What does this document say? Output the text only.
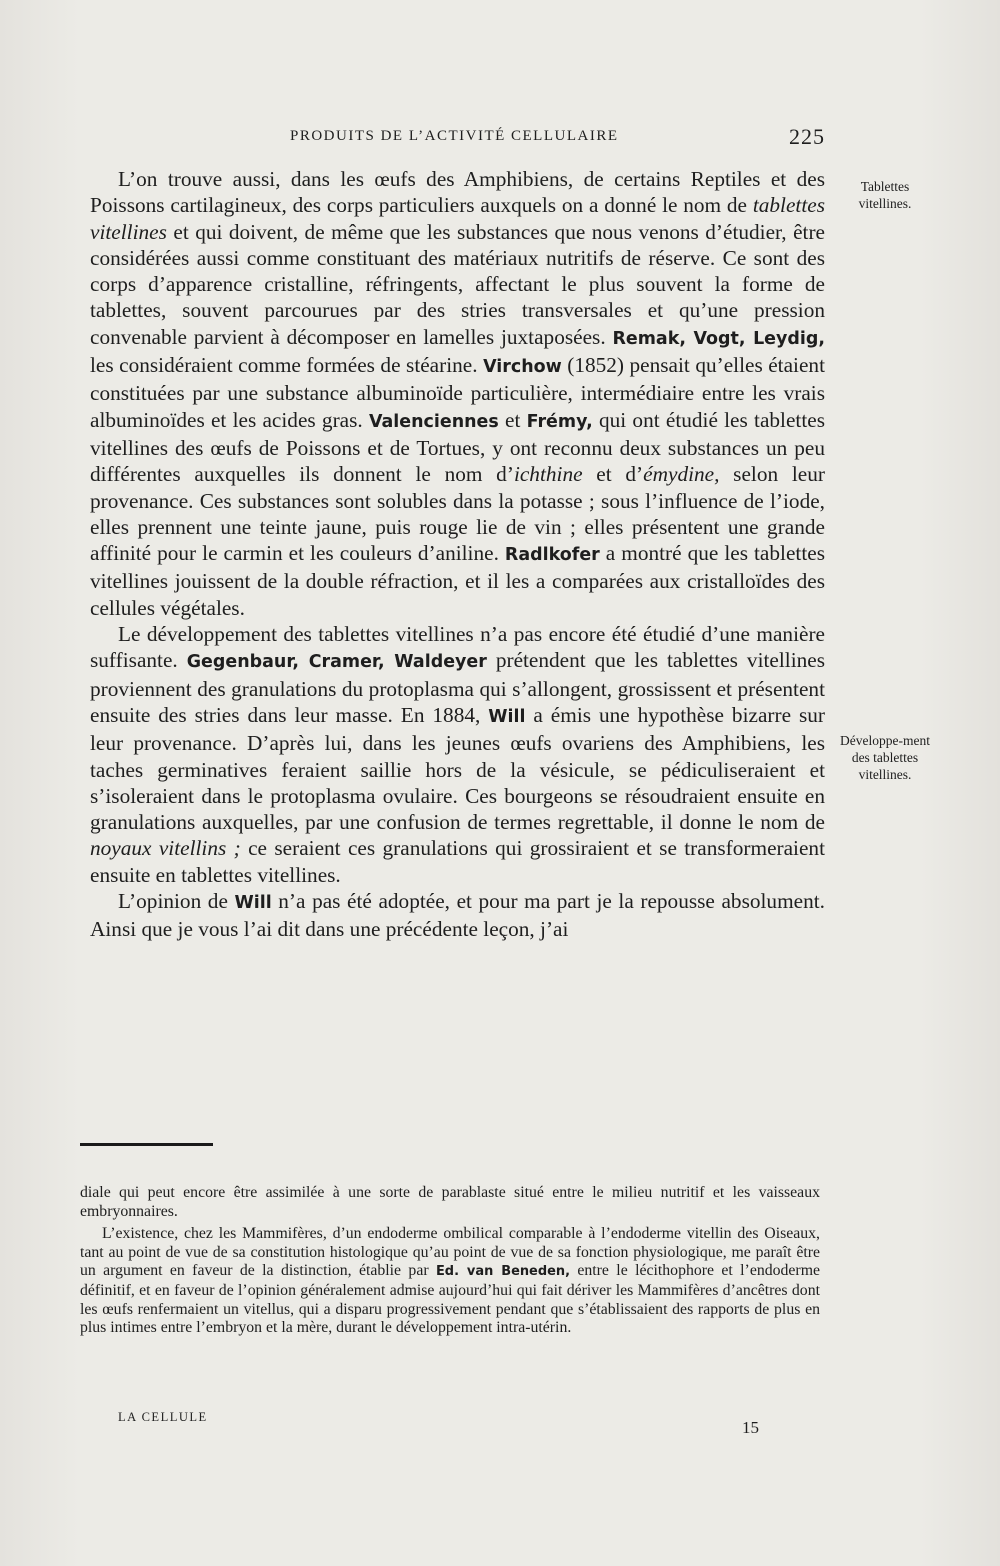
PRODUITS DE L’ACTIVITÉ CELLULAIRE	225

L’on trouve aussi, dans les œufs des Amphibiens, de certains Reptiles et des Poissons cartilagineux, des corps particuliers auxquels on a donné le nom de tablettes vitellines et qui doivent, de même que les substances que nous venons d’étudier, être considérées aussi comme constituant des matériaux nutritifs de réserve. Ce sont des corps d’apparence cristalline, réfringents, affectant le plus souvent la forme de tablettes, souvent parcourues par des stries transversales et qu’une pression convenable parvient à décomposer en lamelles juxtaposées. Remak, Vogt, Leydig, les considéraient comme formées de stéarine. Virchow (1852) pensait qu’elles étaient constituées par une substance albuminoïde particulière, intermédiaire entre les vrais albuminoïdes et les acides gras. Valenciennes et Frémy, qui ont étudié les tablettes vitellines des œufs de Poissons et de Tortues, y ont reconnu deux substances un peu différentes auxquelles ils donnent le nom d’ichthine et d’émydine, selon leur provenance. Ces substances sont solubles dans la potasse ; sous l’influence de l’iode, elles prennent une teinte jaune, puis rouge lie de vin ; elles présentent une grande affinité pour le carmin et les couleurs d’aniline. Radlkofer a montré que les tablettes vitellines jouissent de la double réfraction, et il les a comparées aux cristalloïdes des cellules végétales.

Le développement des tablettes vitellines n’a pas encore été étudié d’une manière suffisante. Gegenbaur, Cramer, Waldeyer prétendent que les tablettes vitellines proviennent des granulations du protoplasma qui s’allongent, grossissent et présentent ensuite des stries dans leur masse. En 1884, Will a émis une hypothèse bizarre sur leur provenance. D’après lui, dans les jeunes œufs ovariens des Amphibiens, les taches germinatives feraient saillie hors de la vésicule, se pédiculiseraient et s’isoleraient dans le protoplasma ovulaire. Ces bourgeons se résoudraient ensuite en granulations auxquelles, par une confusion de termes regrettable, il donne le nom de noyaux vitellins ; ce seraient ces granulations qui grossiraient et se transformeraient ensuite en tablettes vitellines.

L’opinion de Will n’a pas été adoptée, et pour ma part je la repousse absolument. Ainsi que je vous l’ai dit dans une précédente leçon, j’ai

Tablettes vitellines.
Développe-ment des tablettes vitellines.

diale qui peut encore être assimilée à une sorte de parablaste situé entre le milieu nutritif et les vaisseaux embryonnaires.

L’existence, chez les Mammifères, d’un endoderme ombilical comparable à l’endoderme vitellin des Oiseaux, tant au point de vue de sa constitution histologique qu’au point de vue de sa fonction physiologique, me paraît être un argument en faveur de la distinction, établie par Ed. van Beneden, entre le lécithophore et l’endoderme définitif, et en faveur de l’opinion généralement admise aujourd’hui qui fait dériver les Mammifères d’ancêtres dont les œufs renfermaient un vitellus, qui a disparu progressivement pendant que s’établissaient des rapports de plus en plus intimes entre l’embryon et la mère, durant le développement intra-utérin.

LA CELLULE
15
